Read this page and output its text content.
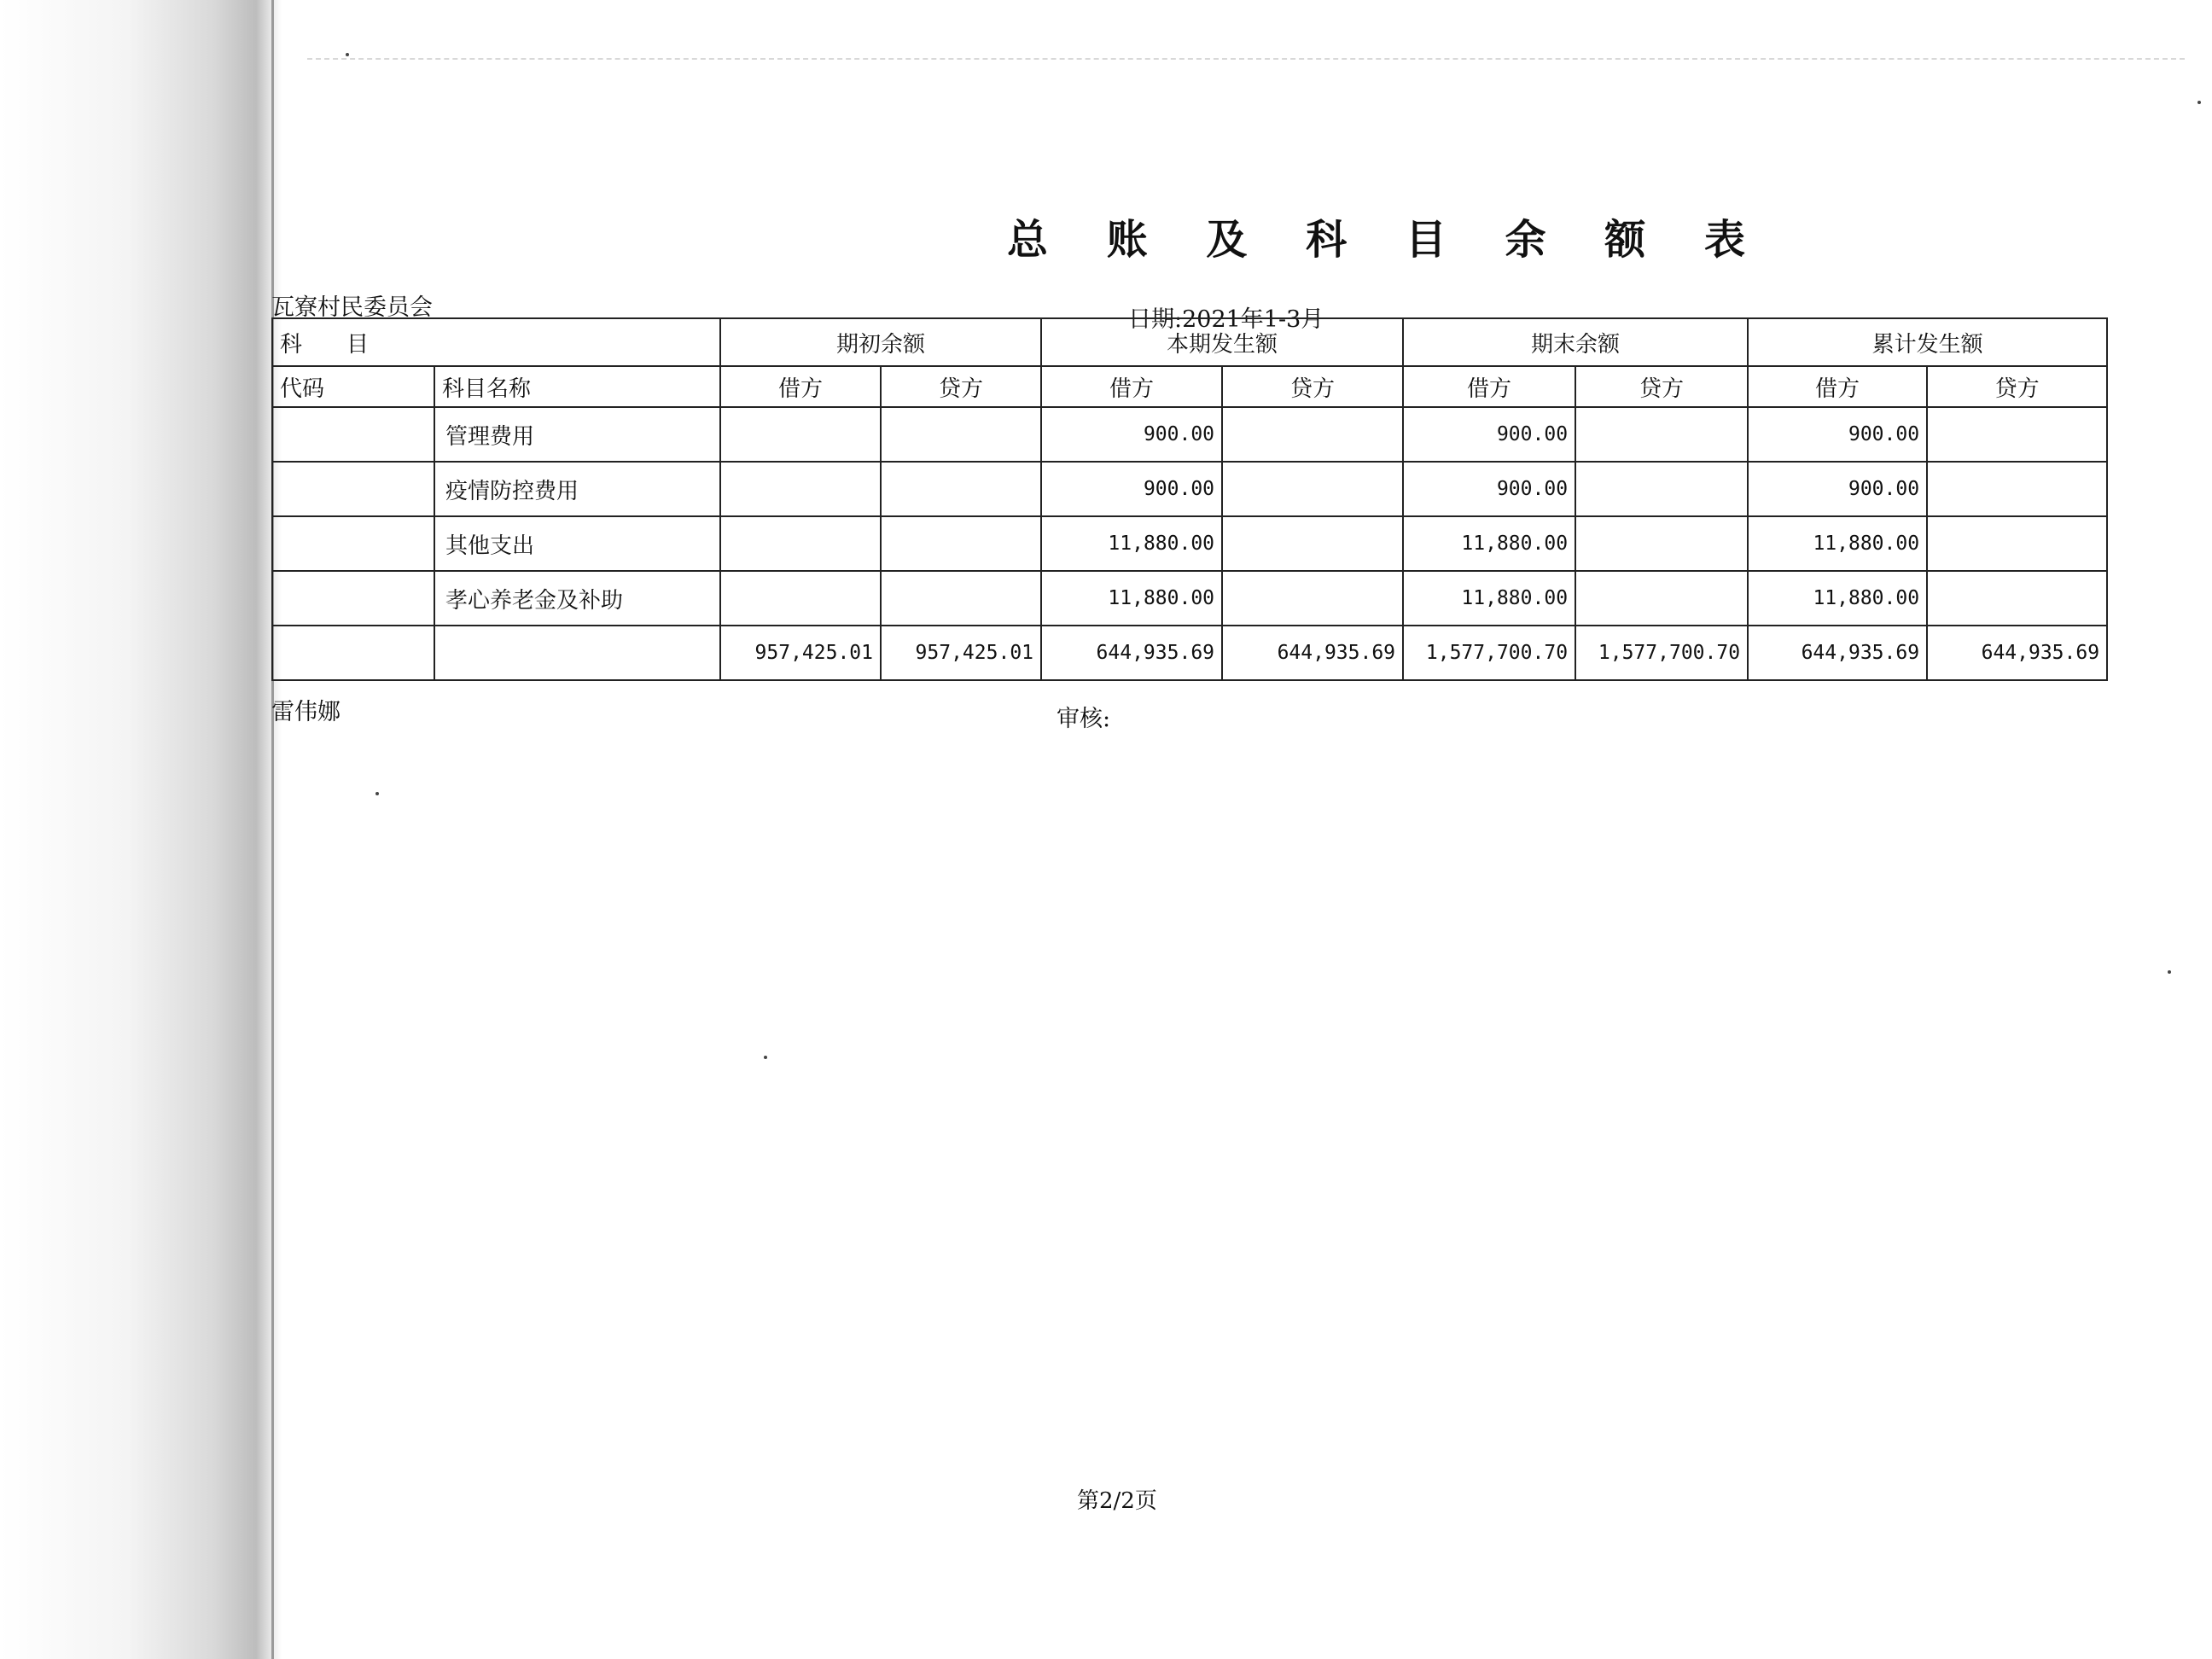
总 账 及 科 目 余 额 表
瓦寮村民委员会	日期:2021年1-3月
科　　目		期初余额		本期发生额		期末余额		累计发生额	
代码	科目名称	借方	贷方	借方	贷方	借方	贷方	借方	贷方
	管理费用			900.00		900.00		900.00	
	疫情防控费用			900.00		900.00		900.00	
	其他支出			11,880.00		11,880.00		11,880.00	
	孝心养老金及补助			11,880.00		11,880.00		11,880.00	
		957,425.01	957,425.01	644,935.69	644,935.69	1,577,700.70	1,577,700.70	644,935.69	644,935.69
雷伟娜	审核:
第2/2页
